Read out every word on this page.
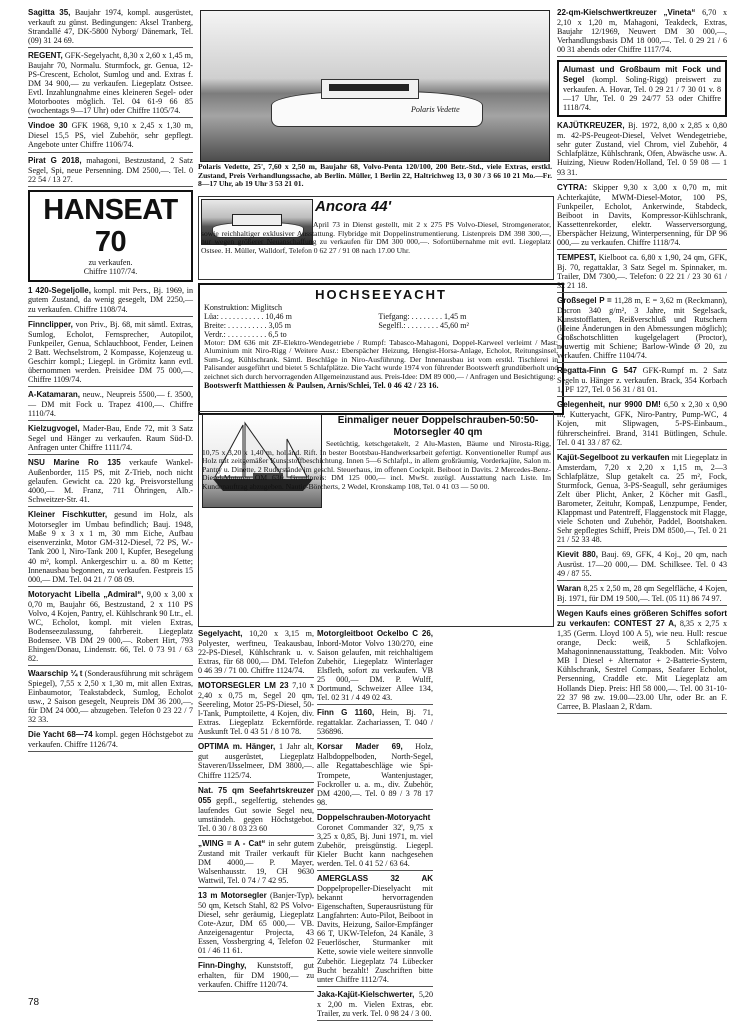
Sagitta 35, Baujahr 1974, kompl. ausgerüstet, verkauft zu günst. Bedingungen: Aksel Tranberg, Strandallé 47, DK-5800 Nyborg/ Dänemark, Tel. (09) 31 24 69.
REGENT, GFK-Segelyacht, 8,30 x 2,60 x 1,45 m, Baujahr 70, Normalu. Sturmfock, gr. Genua, 12-PS-Crescent, Echolot, Sumlog und and. Extras f. DM 34 900,— zu verkaufen. Liegeplatz Ostsee. Evtl. Inzahlungnahme eines kleineren Segel- oder Motorbootes möglich. Tel. 04 61-9 66 85 (wochentags 9—17 Uhr) oder Chiffre 1105/74.
Vindoe 30 GFK 1968, 9,10 x 2,45 x 1,30 m, Diesel 15,5 PS, viel Zubehör, sehr gepflegt. Angebote unter Chiffre 1106/74.
Pirat G 2018, mahagoni, Bestzustand, 2 Satz Segel, Spi, neue Persenning. DM 2500,—. Tel. 0 22 54 / 13 27.
HANSEAT 70
zu verkaufen.
Chiffre 1107/74.
1 420-Segeljolle, kompl. mit Pers., Bj. 1969, in gutem Zustand, da wenig gesegelt, DM 2250,— zu verkaufen. Chiffre 1108/74.
Finnclipper, von Priv., Bj. 68, mit sämtl. Extras, Sumlog, Echolot, Fernsprecher, Autopilot, Funkpeiler, Genua, Schlauchboot, Fender, Leinen 2 Batt. Wechselstrom, 2 Kompasse, Kojenzeug u. Geschirr kompl.; Liegepl. in Grömitz kann evtl. übernommen werden. Preisidee DM 75 000,—. Chiffre 1109/74.
A-Katamaran, neuw., Neupreis 5500,— f. 3500,— DM mit Fock u. Trapez 4100,—. Chiffre 1110/74.
Kielzugvogel, Mader-Bau, Ende 72, mit 3 Satz Segel und Hänger zu verkaufen. Raum Süd-D. Anfragen unter Chiffre 1111/74.
NSU Marine Ro 135 verkaufe Wankel-Außenborder, 115 PS, mit Z-Trieb, noch nicht gelaufen. Gewicht ca. 220 kg. Preisvorstellung 4000,— M. Franz, 711 Öhringen, Alb.-Schweitzer-Str. 41.
Kleiner Fischkutter, gesund im Holz, als Motorsegler im Umbau befindlich; Bauj. 1948, Maße 9 x 3 x 1 m, 30 mm Eiche, Aufbau eisenverzinkt, Motor GM-312-Diesel, 72 PS, W.-Tank 200 l, Niro-Tank 200 l, Kupfer, Besegelung 40 m², kompl. Ankergeschirr u. a. 80 m Kette; Innenausbau begonnen, zu verkaufen. Festpreis 15 000,— DM. Tel. 04 21 / 7 08 09.
Motoryacht Libella „Admiral“, 9,00 x 3,00 x 0,70 m, Baujahr 66, Bestzustand, 2 x 110 PS Volvo, 4 Kojen, Pantry, el. Kühlschrank 90 Ltr., el. WC, Echolot, kompl. mit vielen Extras, Bodenseezulassung, fahrbereit. Liegeplatz Bodensee. VB DM 29 000,—. Robert Hirt, 793 Ehingen/Donau, Lindenstr. 66, Tel. 0 73 91 / 63 82.
Waarschip ¼ t (Sonderausführung mit schrägem Spiegel), 7,55 x 2,50 x 1,30 m, mit allen Extras, Einbaumotor, Teakstabdeck, Sumlog, Echolot usw., 2 Saison gesegelt, Neupreis DM 36 200,—, für DM 24 000,— abzugeben. Telefon 0 23 22 / 7 32 33.
Die Yacht 68—74 kompl. gegen Höchstgebot zu verkaufen. Chiffre 1126/74.
Polaris Vedette
Polaris Vedette, 25', 7,60 x 2,50 m, Baujahr 68, Volvo-Penta 120/100, 200 Betr.-Std., viele Extras, erstkl. Zustand, Preis Verhandlungssache, ab Berlin. Müller, 1 Berlin 22, Haltrichweg 13, 0 30 / 3 66 10 21 Mo.—Fr. 8—17 Uhr, ab 19 Uhr 3 53 21 01.
Ancora 44'
April 73 in Dienst gestellt, mit 2 x 275 PS Volvo-Diesel, Stromgenerator, sowie reichhaltiger exklusiver Ausstattung. Flybridge mit Doppelinstrumentierung. Listenpreis DM 398 300,—, nur wegen größerer Neuanschaffung zu verkaufen für DM 300 000,—. Sofortübernahme mit evtl. Liegeplatz Ostsee. H. Müller, Walldorf, Telefon 0 62 27 / 91 08 nach 17.00 Uhr.
HOCHSEEYACHT
Konstruktion: Miglitsch
Lüa: . . . . . . . . . . . 10,46 m	Tiefgang: . . . . . . . . 1,45 m
Breite: . . . . . . . . . . 3,05 m	Segelfl.: . . . . . . . . 45,60 m²
Verdr.: . . . . . . . . . . 6,5 to	
Motor: DM 636 mit ZF-Elektro-Wendegetriebe / Rumpf: Tabasco-Mahagoni, Doppel-Karweel verleimt / Mast: Aluminium mit Niro-Rigg / Weitere Ausr.: Eberspächer Heizung, Hengist-Horsa-Anlage, Echolot, Reitungsinsel, Sum-Log, Kühlschrank. Sämtl. Beschläge in Niro-Ausführung. Der Innenausbau ist vom erstkl. Tischlerei in Palisander ausgeführt und bietet 5 Schlafplätze. Die Yacht wurde 1974 von führender Bootswerft grundüberholt und zeichnet sich durch hervorragenden Allgemeinzustand aus. Preis-Idee: DM 89 000,— / Anfragen und Besichtigung:
Bootswerft Matthiessen & Paulsen, Arnis/Schlei, Tel. 0 46 42 / 23 16.
Einmaliger neuer Doppelschrauben-50:50-Motorsegler 40 qm
Seetüchtig, ketschgetakelt, 2 Alu-Masten, Bäume und Nirosta-Rigg, 10,75 x 3,20 x 1,40 m, holländ. Rift. In bester Bootsbau-Handwerksarbeit gefertigt. Konventioneller Rumpf aus Holz mit zeitgemäßer Kunststoffbeschichtung. Innen 5—6 Schlafpl., in allem großräumig, Vorderkajüte, Salon m. Pantry u. Dinette, 2 Ruderstände im geschl. Steuerhaus, im offenen Cockpit. Beiboot in Davits. 2 Mercedes-Benz-Diesel-Motoren OM 636. Grundpreis: DM 125 000,— incl. MwSt. zuzügl. Ausstattung nach Liste. Im Kundenauftrag abzugeben. Nautic-Börcherts, 2 Wedel, Kronskamp 108, Tel. 0 41 03 — 50 00.
Segelyacht, 10,20 x 3,15 m, Polyester, werftneu, Teakausbau, 22-PS-Diesel, Kühlschrank u. v. Extras, für 68 000,— DM. Telefon 0 46 39 / 71 00. Chiffre 1124/74.
MOTORSEGLER LM 23 7,10 x 2,40 x 0,75 m, Segel 20 qm, Seereling, Motor 25-PS-Diesel, 50-l-Tank, Pumptoilette, 4 Kojen, div. Extras. Liegeplatz Eckernförde. Auskunft Tel. 0 43 51 / 8 10 78.
OPTIMA m. Hänger, 1 Jahr alt, gut ausgerüstet, Liegeplatz Staveren/IJsselmeer, DM 3800,—. Chiffre 1125/74.
Nat. 75 qm Seefahrtskreuzer 055 gepfl., segelfertig, stehendes laufendes Gut sowie Segel neu, umständeh. gegen Höchstgebot. Tel. 0 30 / 8 03 23 60
„WING = A - Cat“ in sehr gutem Zustand mit Trailer verkauft für DM 4000,— P. Mayer, Walsenhausstr. 19, CH 9630 Wattwil, Tel. 0 74 / 7 42 95.
13 m Motorsegler (Banjer-Typ), 50 qm, Ketsch Stahl, 82 PS Volvo-Diesel, sehr geräumig, Liegeplatz Cote-Azur, DM 65 000,— VB. Anzeigenagentur Projecta, 43 Essen, Vossbergring 4, Telefon 02 01 / 46 11 61.
Finn-Dinghy, Kunststoff, gut erhalten, für DM 1900,— zu verkaufen. Chiffre 1120/74.
Motorgleitboot Ockelbo C 26, Inbord-Motor Volvo 130/270, eine Saison gelaufen, mit reichhaltigem Zubehör, Liegeplatz Winterlager Elsfleth, sofort zu verkaufen. VB 25 000,— DM. P. Wulff, Dortmund, Schweizer Allee 134, Tel. 02 31 / 4 49 02 43.
Finn G 1160, Hein, Bj. 71, regattaklar. Zachariassen, T. 040 / 536896.
Korsar Mader 69, Holz, Halbdoppelboden, North-Segel, alle Regattabeschläge wie Spi-Trompete, Wantenjustager, Fockroller u. a. m., div. Zubehör, DM 4200,—. Tel. 0 89 / 3 78 17 98.
Doppelschrauben-Motoryacht Coronet Commander 32', 9,75 x 3,25 x 0,85, Bj. Juni 1971, m. viel Zubehör, preisgünstig. Liegepl. Kieler Bucht kann nachgesehen werden. Tel. 0 41 52 / 63 64.
AMERGLASS 32 AK Doppelpropeller-Dieselyacht mit bekannt hervorragenden Eigenschaften, Superausrüstung für Langfahrten: Auto-Pilot, Beiboot in Davits, Heizung, Sailor-Empfänger 66 T, UKW-Telefon, 24 Kanäle, 3 Feuerlöscher, Sturmanker mit Kette, sowie viele weitere sinnvolle Zubehör. Liegeplatz 74 Lübecker Bucht bezahlt! Zuschriften bitte unter Chiffre 1112/74.
Jaka-Kajüt-Kielschwerter, 5,20 x 2,00 m. Vielen Extras, ebr. Trailer, zu verk. Tel. 0 98 24 / 3 00.
22-qm-Kielschwertkreuzer „Vineta“ 6,70 x 2,10 x 1,20 m, Mahagoni, Teakdeck, Extras, Baujahr 12/1969, Neuwert DM 30 000,—, Verhandlungsbasis DM 18 000,—. Tel. 0 29 21 / 6 00 31 abends oder Chiffre 1117/74.
Alumast und Großbaum mit Fock und Segel (kompl. Soling-Rigg) preiswert zu verkaufen. A. Hovar, Tel. 0 29 21 / 7 30 01 v. 8—17 Uhr, Tel. 0 29 24/77 53 oder Chiffre 1118/74.
KAJÜTKREUZER, Bj. 1972, 8,00 x 2,85 x 0,80 m. 42-PS-Peugeot-Diesel, Velvet Wendegetriebe, sehr guter Zustand, viel Chrom, viel Zubehör, 4 Schlafplätze, Kühlschrank, Ofen, Abwäsche usw. A. Huizing, Nieuw Roden/Holland, Tel. 0 59 08 — 1 93 31.
CYTRA: Skipper 9,30 x 3,00 x 0,70 m, mit Achterkajüte, MWM-Diesel-Motor, 100 PS, Funkpeiler, Echolot, Ankerwinde, Stabdeck, Beiboot in Davits, Kompressor-Kühlschrank, Kassettenrekorder, elektr. Wasserversorgung, Eberspächer Heizung, Winterpersenning, für DP 96 000,— zu verkaufen. Chiffre 1118/74.
TEMPEST, Kielboot ca. 6,80 x 1,90, 24 qm, GFK, Bj. 70, regattaklar, 3 Satz Segel m. Spinnaker, m. Trailer, DM 7300,—. Telefon: 0 22 21 / 23 30 61 / 32 21 18.
Großsegel P = 11,28 m, E = 3,62 m (Reckmann), Dacron 340 g/m², 3 Jahre, mit Segelsack, Kunststofflatten, Reißverschluß und Rutschern (kleine Änderungen in den Abmessungen möglich); Großschotschlitten kugelgelagert (Proctor), neuwertig mit Schiene; Barlow-Winde Ø 20, zu verkaufen. Chiffre 1104/74.
Regatta-Finn G 547 GFK-Rumpf m. 2 Satz Segeln u. Hänger z. verkaufen. Brack, 354 Korbach 1, PF 127, Tel. 0 56 31 / 81 01.
Gelegenheit, nur 9900 DM! 6,50 x 2,30 x 0,90 m, Kutteryacht, GFK, Niro-Pantry, Pump-WC, 4 Kojen, mit Slipwagen, 5-PS-Einbaum., führerscheinfrei. Brand, 3141 Bütlingen, Schule. Tel. 0 41 33 / 87 62.
Kajüt-Segelboot zu verkaufen mit Liegeplatz in Amsterdam, 7,20 x 2,20 x 1,15 m, 2—3 Schlafplätze, Slup getakelt ca. 25 m², Fock, Sturmfock, Genua, 3-PS-Seagull, sehr geräumiges Zelt über Plicht, Anker, 2 Köcher mit Gasfl., Barometer, Zeituhr, Kompaß, Lenzpumpe, Fender, Klappmast und Patentreff, Flaggenstock mit Flagge, viele Schoten und Zubehör, Paddel, Bootshaken. Sehr gepflegtes Schiff, Preis DM 8500,—, Tel. 0 21 21 / 52 33 48.
Kievit 880, Bauj. 69, GFK, 4 Koj., 20 qm, nach Ausrüst. 17—20 000,— DM. Schilksee. Tel. 0 43 49 / 87 55.
Waran 8,25 x 2,50 m, 28 qm Segelfläche, 4 Kojen, Bj. 1971, für DM 19 500,—. Tel. (05 11) 86 74 97.
Wegen Kaufs eines größeren Schiffes sofort zu verkaufen: CONTEST 27 A, 8,35 x 2,75 x 1,35 (Germ. Lloyd 100 A 5), wie neu. Hull: rescue orange, Deck: weiß, 5 Schlafkojen. Mahagoninnenausstattung, Teakboden. Mit: Volvo MB I Diesel + Alternator + 2-Batterie-System, Kühlschrank, Sestrel Compass, Seafarer Echolot, Persenning, Craddle etc. Mit Liegeplatz am Hollands Diep. Preis: Hfl 58 000,—. Tel. 00 31-10-22 37 98 zw. 19.00—23.00 Uhr, oder Br. an F. Carree, B. Plaslaan 2, R'dam.
78
